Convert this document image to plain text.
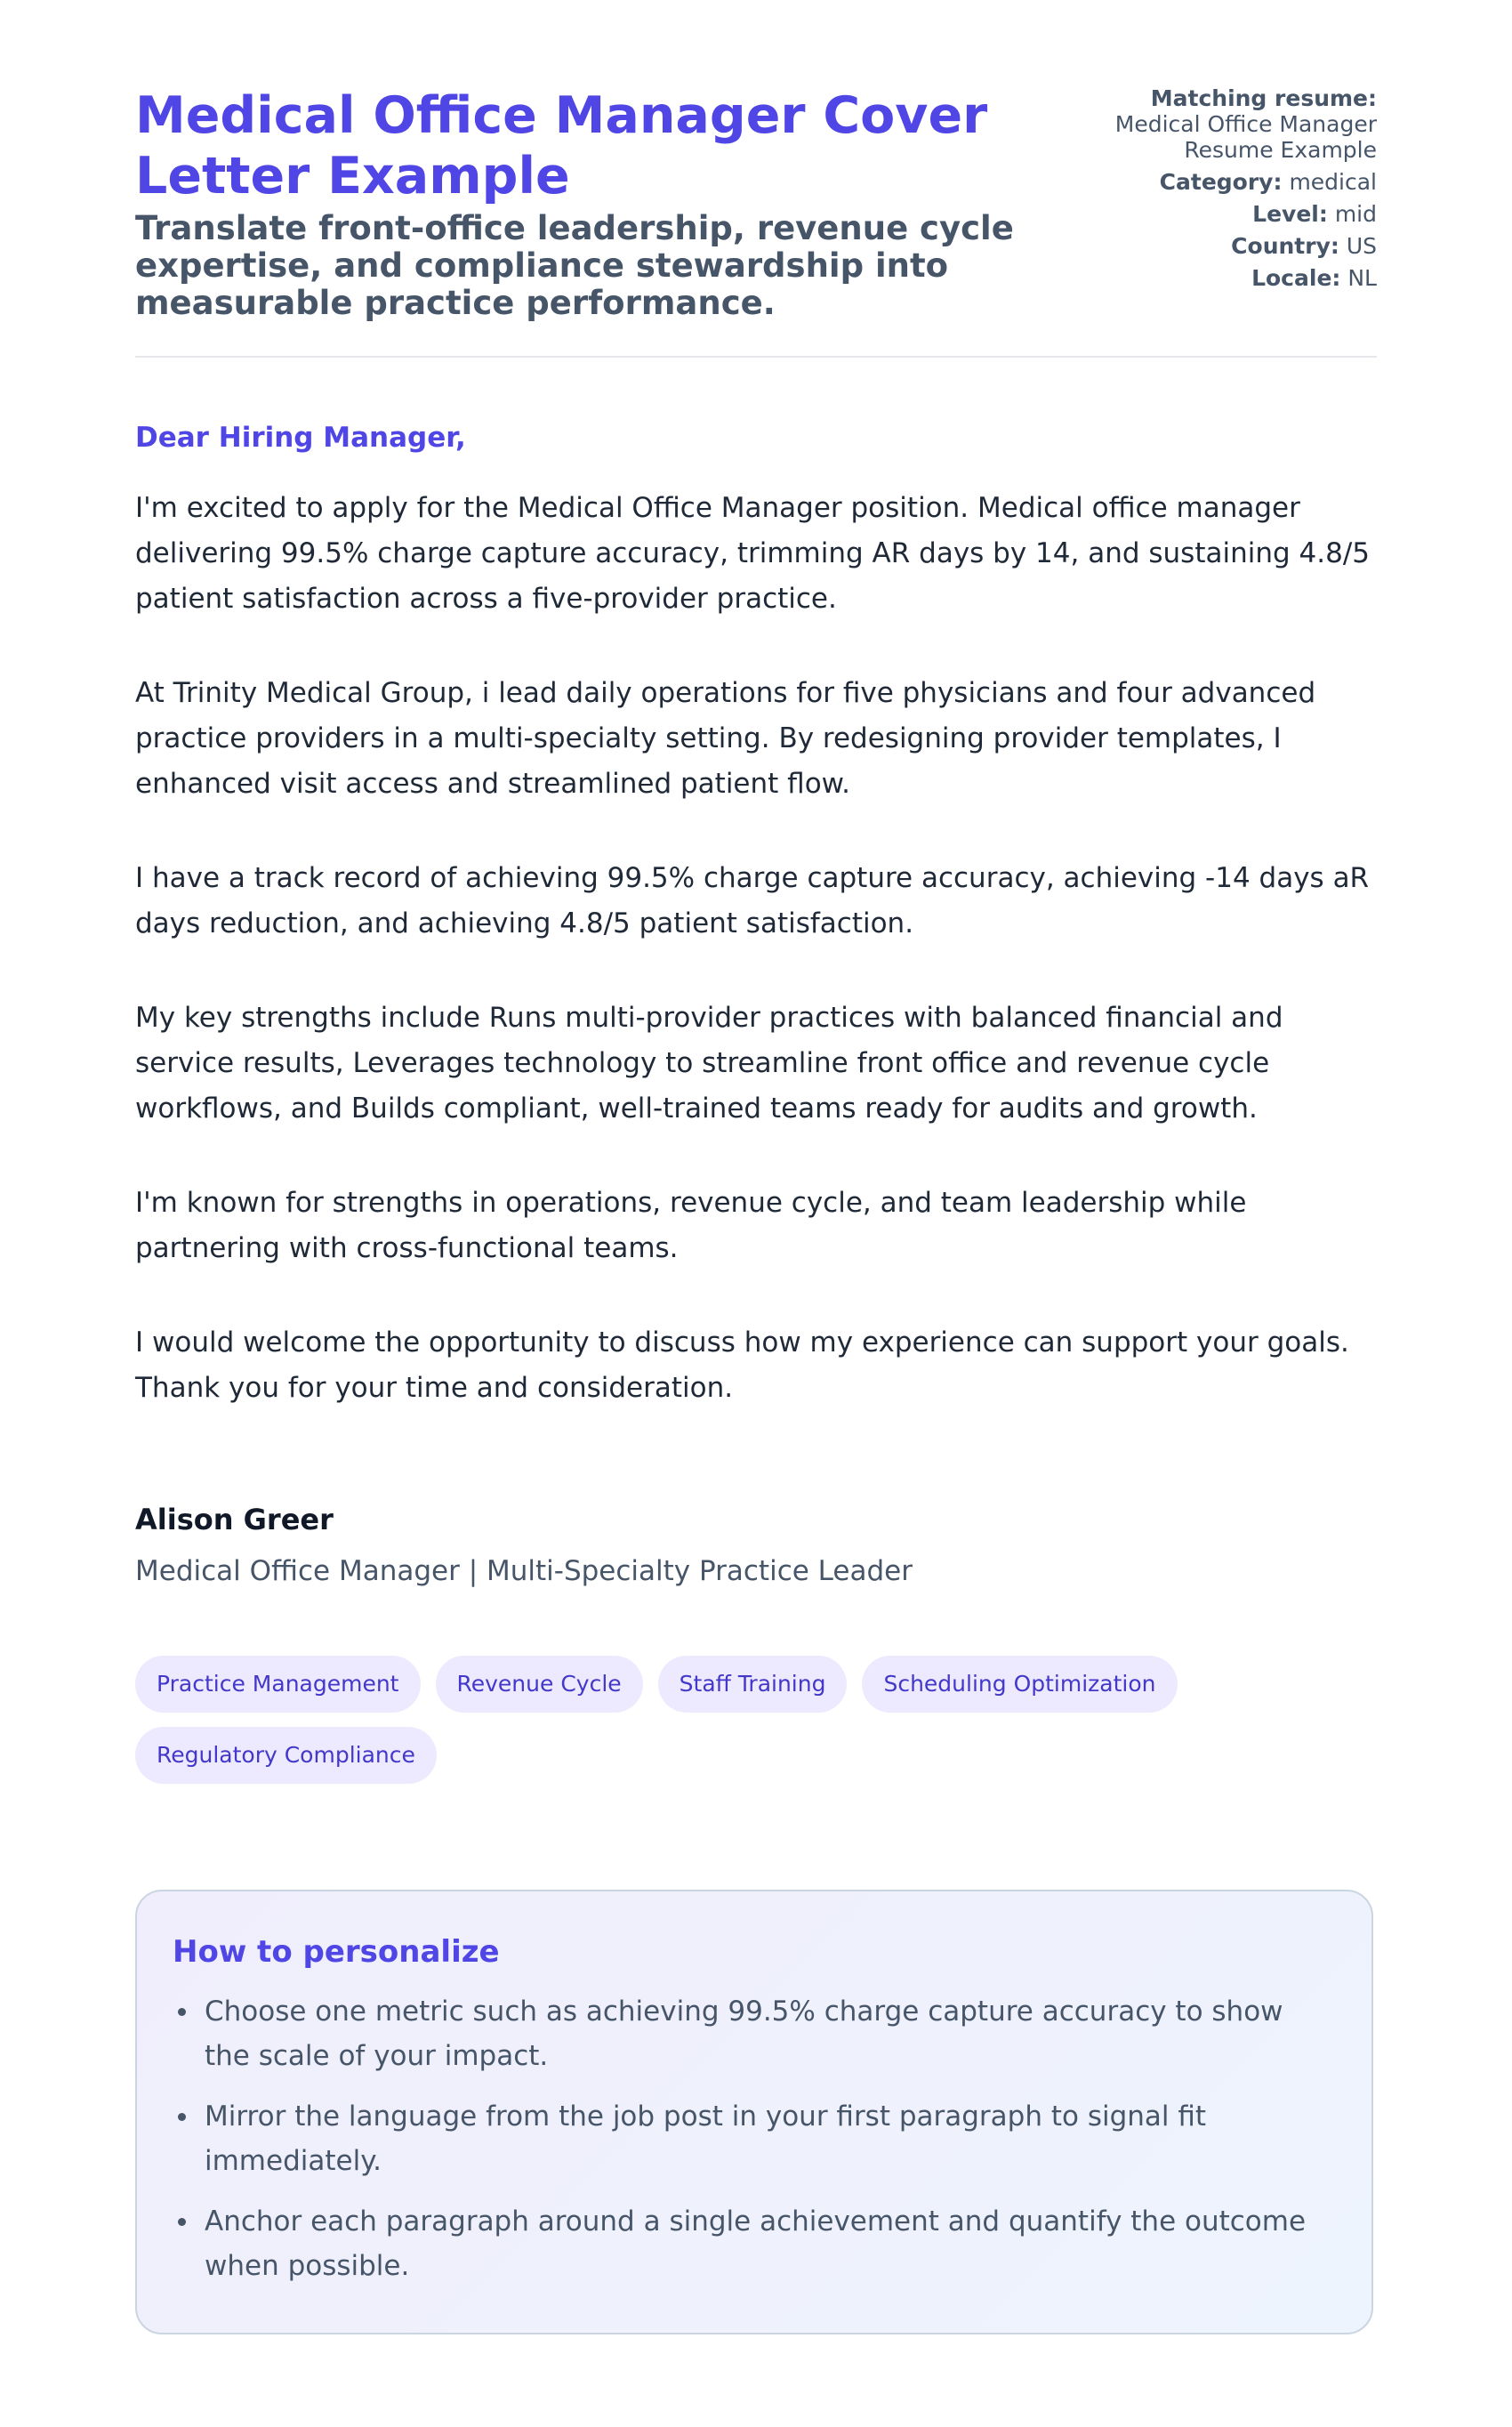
Medical Office Manager Cover Letter Example

Translate front-office leadership, revenue cycle expertise, and compliance stewardship into measurable practice performance.

Matching resume:
Medical Office Manager Resume Example
Category: medical
Level: mid
Country: US
Locale: NL

Dear Hiring Manager,

I'm excited to apply for the Medical Office Manager position. Medical office manager delivering 99.5% charge capture accuracy, trimming AR days by 14, and sustaining 4.8/5 patient satisfaction across a five-provider practice.

At Trinity Medical Group, i lead daily operations for five physicians and four advanced practice providers in a multi-specialty setting. By redesigning provider templates, I enhanced visit access and streamlined patient flow.

I have a track record of achieving 99.5% charge capture accuracy, achieving -14 days aR days reduction, and achieving 4.8/5 patient satisfaction.

My key strengths include Runs multi-provider practices with balanced financial and service results, Leverages technology to streamline front office and revenue cycle workflows, and Builds compliant, well-trained teams ready for audits and growth.

I'm known for strengths in operations, revenue cycle, and team leadership while partnering with cross-functional teams.

I would welcome the opportunity to discuss how my experience can support your goals. Thank you for your time and consideration.

Alison Greer

Medical Office Manager | Multi-Specialty Practice Leader

Practice Management	Revenue Cycle	Staff Training	Scheduling Optimization
Regulatory Compliance
How to personalize
Choose one metric such as achieving 99.5% charge capture accuracy to show the scale of your impact.
Mirror the language from the job post in your first paragraph to signal fit immediately.
Anchor each paragraph around a single achievement and quantify the outcome when possible.
